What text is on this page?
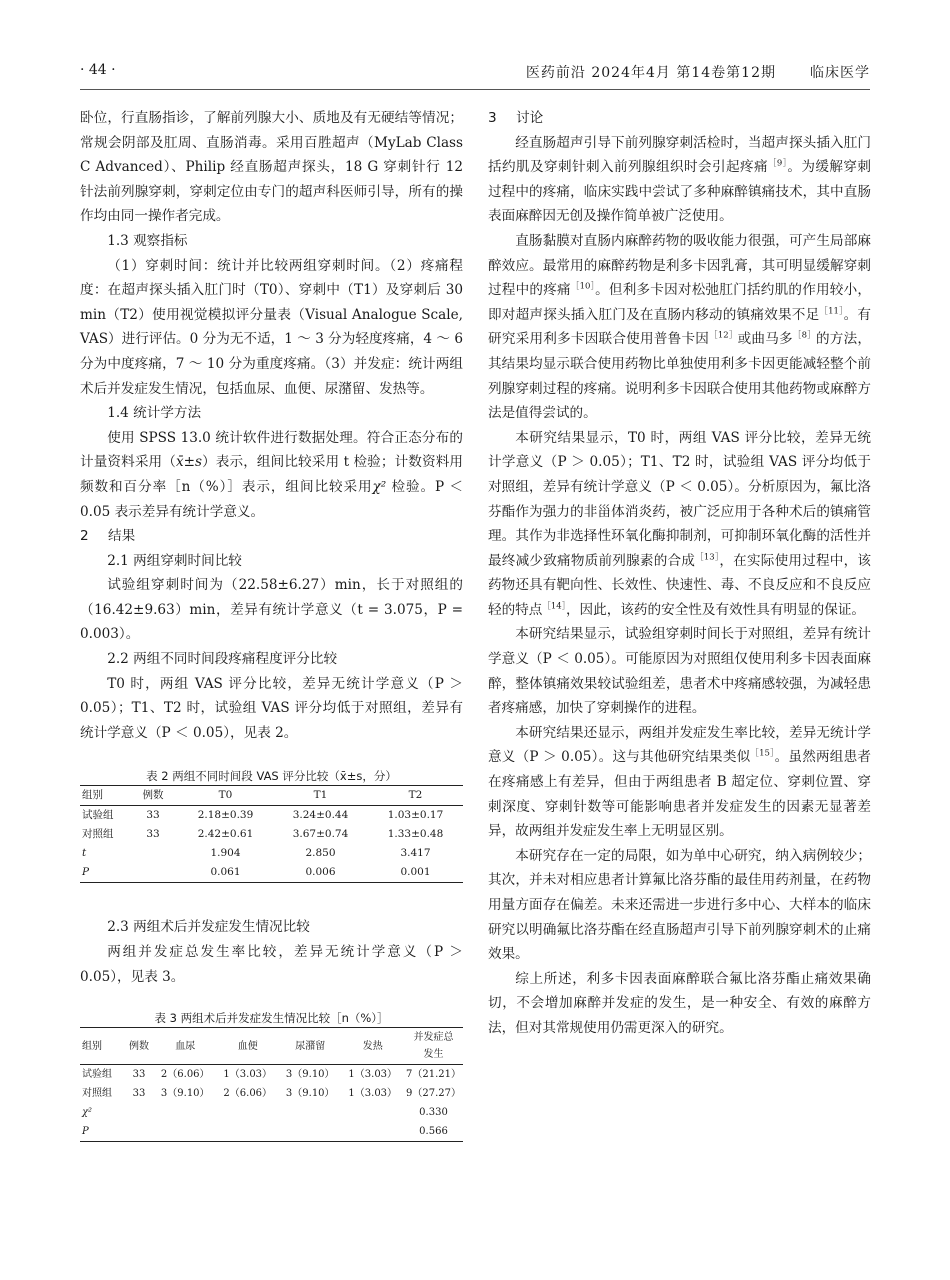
· 44 ·	医药前沿 2024年4月 第14卷第12期 临床医学

卧位，行直肠指诊，了解前列腺大小、质地及有无硬结等情况；常规会阴部及肛周、直肠消毒。采用百胜超声（MyLab Class C Advanced）、Philip 经直肠超声探头，18 G 穿刺针行 12 针法前列腺穿刺，穿刺定位由专门的超声科医师引导，所有的操作均由同一操作者完成。

1.3 观察指标

（1）穿刺时间：统计并比较两组穿刺时间。（2）疼痛程度：在超声探头插入肛门时（T0）、穿刺中（T1）及穿刺后 30 min（T2）使用视觉模拟评分量表（Visual Analogue Scale, VAS）进行评估。0 分为无不适，1 ～ 3 分为轻度疼痛，4 ～ 6 分为中度疼痛，7 ～ 10 分为重度疼痛。（3）并发症：统计两组术后并发症发生情况，包括血尿、血便、尿潴留、发热等。

1.4 统计学方法

使用 SPSS 13.0 统计软件进行数据处理。符合正态分布的计量资料采用（x̄±s）表示，组间比较采用 t 检验；计数资料用频数和百分率［n（%）］表示，组间比较采用χ² 检验。P ＜ 0.05 表示差异有统计学意义。

2 结果

2.1 两组穿刺时间比较

试验组穿刺时间为（22.58±6.27）min，长于对照组的（16.42±9.63）min，差异有统计学意义（t = 3.075，P = 0.003）。

2.2 两组不同时间段疼痛程度评分比较

T0 时，两组 VAS 评分比较，差异无统计学意义（P ＞ 0.05）；T1、T2 时，试验组 VAS 评分均低于对照组，差异有统计学意义（P ＜ 0.05），见表 2。

表 2 两组不同时间段 VAS 评分比较（x̄±s，分）

组别	例数	T0	T1	T2
试验组	33	2.18±0.39	3.24±0.44	1.03±0.17
对照组	33	2.42±0.61	3.67±0.74	1.33±0.48
t		1.904	2.850	3.417
P		0.061	0.006	0.001

2.3 两组术后并发症发生情况比较

两组并发症总发生率比较，差异无统计学意义（P ＞ 0.05），见表 3。

表 3 两组术后并发症发生情况比较［n（%）］

组别	例数	血尿	血便	尿潴留	发热	并发症总
发生
试验组	33	2（6.06）	1（3.03）	3（9.10）	1（3.03）	7（21.21）
对照组	33	3（9.10）	2（6.06）	3（9.10）	1（3.03）	9（27.27）
χ²						0.330
P						0.566

3 讨论

经直肠超声引导下前列腺穿刺活检时，当超声探头插入肛门括约肌及穿刺针刺入前列腺组织时会引起疼痛$^{[9]}$。为缓解穿刺过程中的疼痛，临床实践中尝试了多种麻醉镇痛技术，其中直肠表面麻醉因无创及操作简单被广泛使用。

直肠黏膜对直肠内麻醉药物的吸收能力很强，可产生局部麻醉效应。最常用的麻醉药物是利多卡因乳膏，其可明显缓解穿刺过程中的疼痛$^{[10]}$。但利多卡因对松弛肛门括约肌的作用较小，即对超声探头插入肛门及在直肠内移动的镇痛效果不足$^{[11]}$。有研究采用利多卡因联合使用普鲁卡因$^{[12]}$或曲马多$^{[8]}$的方法，其结果均显示联合使用药物比单独使用利多卡因更能减轻整个前列腺穿刺过程的疼痛。说明利多卡因联合使用其他药物或麻醉方法是值得尝试的。

本研究结果显示，T0 时，两组 VAS 评分比较，差异无统计学意义（P ＞ 0.05）；T1、T2 时，试验组 VAS 评分均低于对照组，差异有统计学意义（P ＜ 0.05）。分析原因为，氟比洛芬酯作为强力的非甾体消炎药，被广泛应用于各种术后的镇痛管理。其作为非选择性环氧化酶抑制剂，可抑制环氧化酶的活性并最终减少致痛物质前列腺素的合成$^{[13]}$，在实际使用过程中，该药物还具有靶向性、长效性、快速性、毒、不良反应和不良反应轻的特点$^{[14]}$，因此，该药的安全性及有效性具有明显的保证。

本研究结果显示，试验组穿刺时间长于对照组，差异有统计学意义（P ＜ 0.05）。可能原因为对照组仅使用利多卡因表面麻醉，整体镇痛效果较试验组差，患者术中疼痛感较强，为减轻患者疼痛感，加快了穿刺操作的进程。

本研究结果还显示，两组并发症发生率比较，差异无统计学意义（P ＞ 0.05）。这与其他研究结果类似$^{[15]}$。虽然两组患者在疼痛感上有差异，但由于两组患者 B 超定位、穿刺位置、穿刺深度、穿刺针数等可能影响患者并发症发生的因素无显著差异，故两组并发症发生率上无明显区别。

本研究存在一定的局限，如为单中心研究，纳入病例较少；其次，并未对相应患者计算氟比洛芬酯的最佳用药剂量，在药物用量方面存在偏差。未来还需进一步进行多中心、大样本的临床研究以明确氟比洛芬酯在经直肠超声引导下前列腺穿刺术的止痛效果。

综上所述，利多卡因表面麻醉联合氟比洛芬酯止痛效果确切，不会增加麻醉并发症的发生，是一种安全、有效的麻醉方法，但对其常规使用仍需更深入的研究。
